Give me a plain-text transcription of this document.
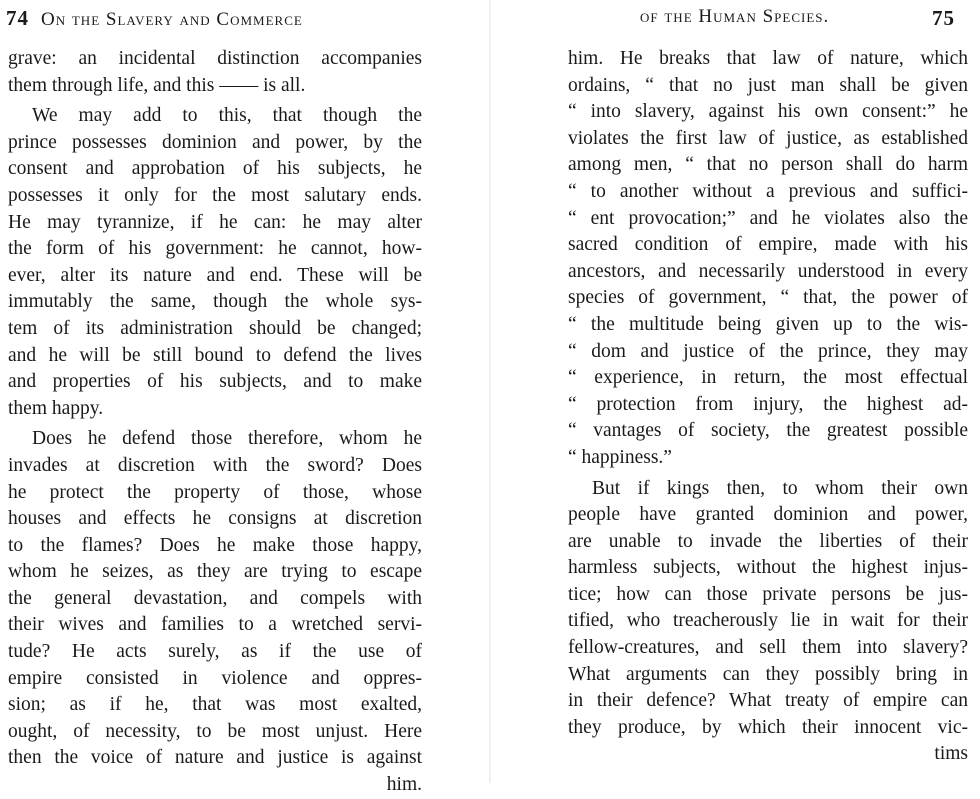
74 On the Slavery and Commerce
grave: an incidental distinction accompanies
them through life, and this —— is all.
We may add to this, that though the
prince possesses dominion and power, by the
consent and approbation of his subjects, he
possesses it only for the most salutary ends.
He may tyrannize, if he can: he may alter
the form of his government: he cannot, how-
ever, alter its nature and end. These will be
immutably the same, though the whole sys-
tem of its administration should be changed;
and he will be still bound to defend the lives
and properties of his subjects, and to make
them happy.
Does he defend those therefore, whom he
invades at discretion with the sword? Does
he protect the property of those, whose
houses and effects he consigns at discretion
to the flames? Does he make those happy,
whom he seizes, as they are trying to escape
the general devastation, and compels with
their wives and families to a wretched servi-
tude? He acts surely, as if the use of
empire consisted in violence and oppres-
sion; as if he, that was most exalted,
ought, of necessity, to be most unjust. Here
then the voice of nature and justice is against
him.
of the Human Species.	75
him. He breaks that law of nature, which
ordains, “ that no just man shall be given
“ into slavery, against his own consent:” he
violates the first law of justice, as established
among men, “ that no person shall do harm
“ to another without a previous and suffici-
“ ent provocation;” and he violates also the
sacred condition of empire, made with his
ancestors, and necessarily understood in every
species of government, “ that, the power of
“ the multitude being given up to the wis-
“ dom and justice of the prince, they may
“ experience, in return, the most effectual
“ protection from injury, the highest ad-
“ vantages of society, the greatest possible
“ happiness.”
But if kings then, to whom their own
people have granted dominion and power,
are unable to invade the liberties of their
harmless subjects, without the highest injus-
tice; how can those private persons be jus-
tified, who treacherously lie in wait for their
fellow-creatures, and sell them into slavery?
What arguments can they possibly bring in
in their defence? What treaty of empire can
they produce, by which their innocent vic-
tims
